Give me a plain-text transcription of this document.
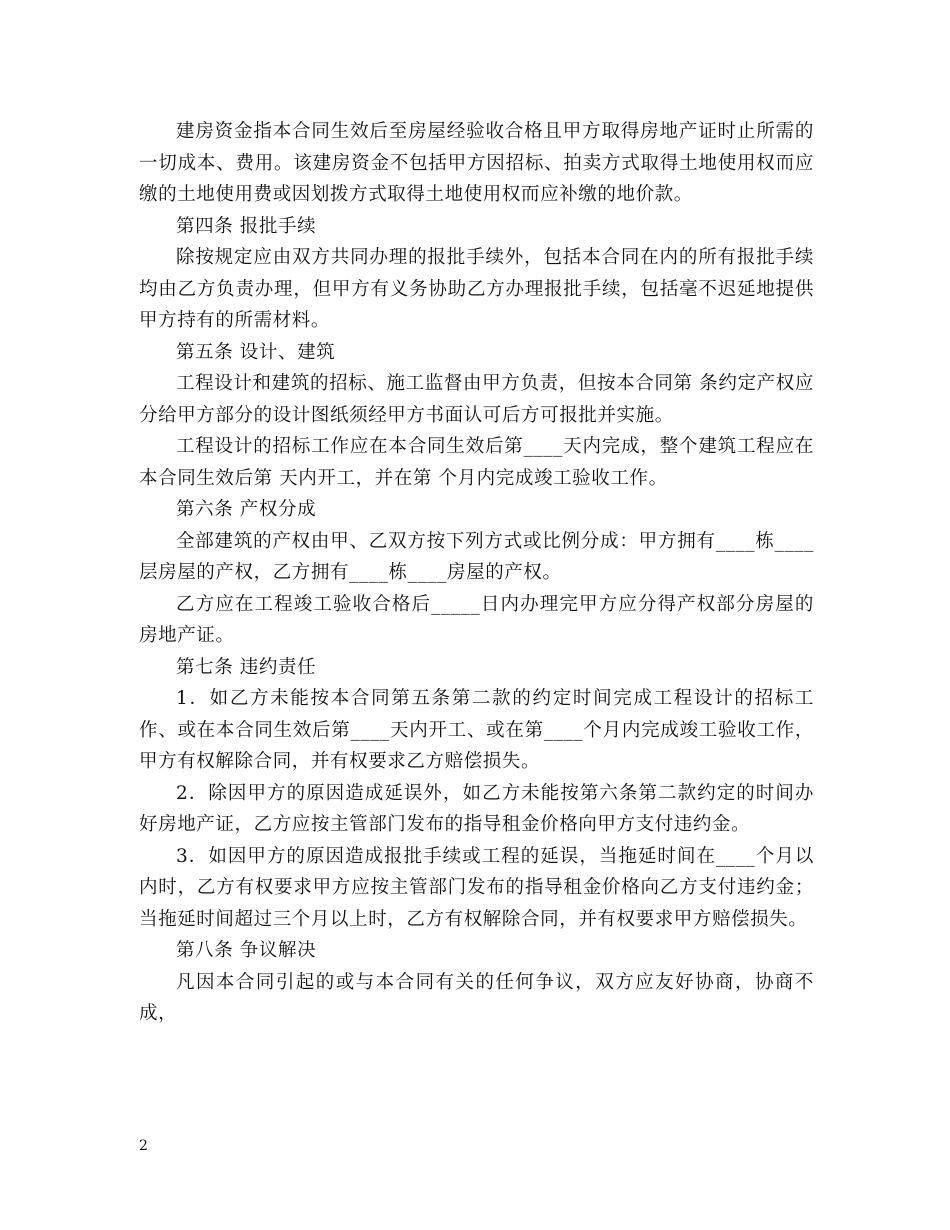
建房资金指本合同生效后至房屋经验收合格且甲方取得房地产证时止所需的一切成本、费用。该建房资金不包括甲方因招标、拍卖方式取得土地使用权而应缴的土地使用费或因划拨方式取得土地使用权而应补缴的地价款。

第四条 报批手续

除按规定应由双方共同办理的报批手续外，包括本合同在内的所有报批手续均由乙方负责办理，但甲方有义务协助乙方办理报批手续，包括毫不迟延地提供甲方持有的所需材料。

第五条 设计、建筑

工程设计和建筑的招标、施工监督由甲方负责，但按本合同第 条约定产权应分给甲方部分的设计图纸须经甲方书面认可后方可报批并实施。

工程设计的招标工作应在本合同生效后第____天内完成，整个建筑工程应在本合同生效后第 天内开工，并在第 个月内完成竣工验收工作。

第六条 产权分成

全部建筑的产权由甲、乙双方按下列方式或比例分成：甲方拥有____栋____层房屋的产权，乙方拥有____栋____房屋的产权。

乙方应在工程竣工验收合格后_____日内办理完甲方应分得产权部分房屋的房地产证。

第七条 违约责任

1．如乙方未能按本合同第五条第二款的约定时间完成工程设计的招标工作、或在本合同生效后第____天内开工、或在第____个月内完成竣工验收工作，甲方有权解除合同，并有权要求乙方赔偿损失。

2．除因甲方的原因造成延误外，如乙方未能按第六条第二款约定的时间办好房地产证，乙方应按主管部门发布的指导租金价格向甲方支付违约金。

3．如因甲方的原因造成报批手续或工程的延误，当拖延时间在____个月以内时，乙方有权要求甲方应按主管部门发布的指导租金价格向乙方支付违约金；当拖延时间超过三个月以上时，乙方有权解除合同，并有权要求甲方赔偿损失。

第八条 争议解决

凡因本合同引起的或与本合同有关的任何争议，双方应友好协商，协商不成，

2
